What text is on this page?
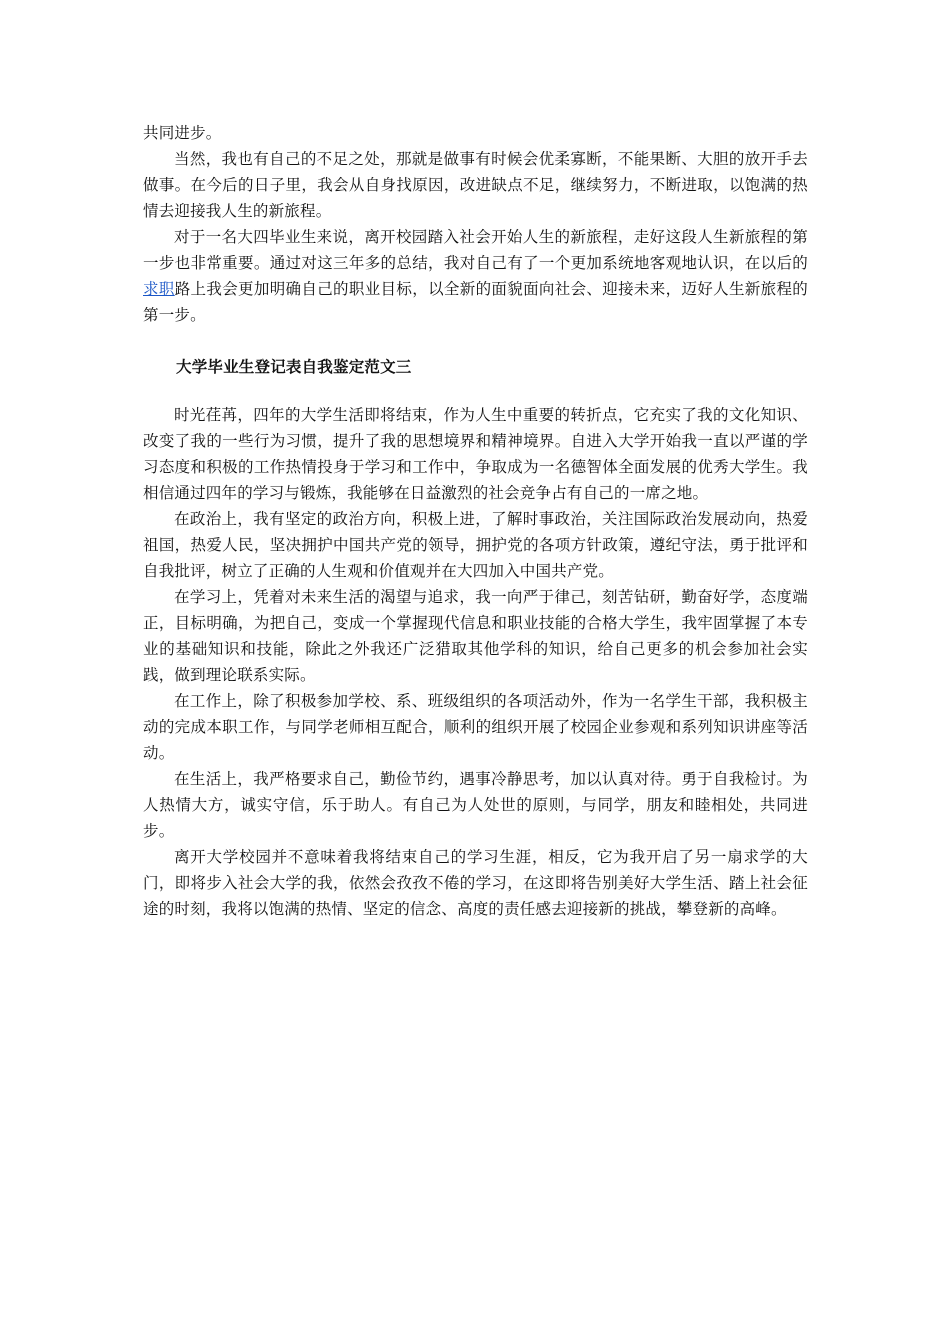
共同进步。

当然，我也有自己的不足之处，那就是做事有时候会优柔寡断，不能果断、大胆的放开手去做事。在今后的日子里，我会从自身找原因，改进缺点不足，继续努力，不断进取，以饱满的热情去迎接我人生的新旅程。

对于一名大四毕业生来说，离开校园踏入社会开始人生的新旅程，走好这段人生新旅程的第一步也非常重要。通过对这三年多的总结，我对自己有了一个更加系统地客观地认识，在以后的求职路上我会更加明确自己的职业目标，以全新的面貌面向社会、迎接未来，迈好人生新旅程的第一步。

大学毕业生登记表自我鉴定范文三

时光荏苒，四年的大学生活即将结束，作为人生中重要的转折点，它充实了我的文化知识、改变了我的一些行为习惯，提升了我的思想境界和精神境界。自进入大学开始我一直以严谨的学习态度和积极的工作热情投身于学习和工作中，争取成为一名德智体全面发展的优秀大学生。我相信通过四年的学习与锻炼，我能够在日益激烈的社会竞争占有自己的一席之地。

在政治上，我有坚定的政治方向，积极上进，了解时事政治，关注国际政治发展动向，热爱祖国，热爱人民，坚决拥护中国共产党的领导，拥护党的各项方针政策，遵纪守法，勇于批评和自我批评，树立了正确的人生观和价值观并在大四加入中国共产党。

在学习上，凭着对未来生活的渴望与追求，我一向严于律己，刻苦钻研，勤奋好学，态度端正，目标明确，为把自己，变成一个掌握现代信息和职业技能的合格大学生，我牢固掌握了本专业的基础知识和技能，除此之外我还广泛猎取其他学科的知识，给自己更多的机会参加社会实践，做到理论联系实际。

在工作上，除了积极参加学校、系、班级组织的各项活动外，作为一名学生干部，我积极主动的完成本职工作，与同学老师相互配合，顺利的组织开展了校园企业参观和系列知识讲座等活动。

在生活上，我严格要求自己，勤俭节约，遇事冷静思考，加以认真对待。勇于自我检讨。为人热情大方，诚实守信，乐于助人。有自己为人处世的原则，与同学，朋友和睦相处，共同进步。

离开大学校园并不意味着我将结束自己的学习生涯，相反，它为我开启了另一扇求学的大门，即将步入社会大学的我，依然会孜孜不倦的学习，在这即将告别美好大学生活、踏上社会征途的时刻，我将以饱满的热情、坚定的信念、高度的责任感去迎接新的挑战，攀登新的高峰。
